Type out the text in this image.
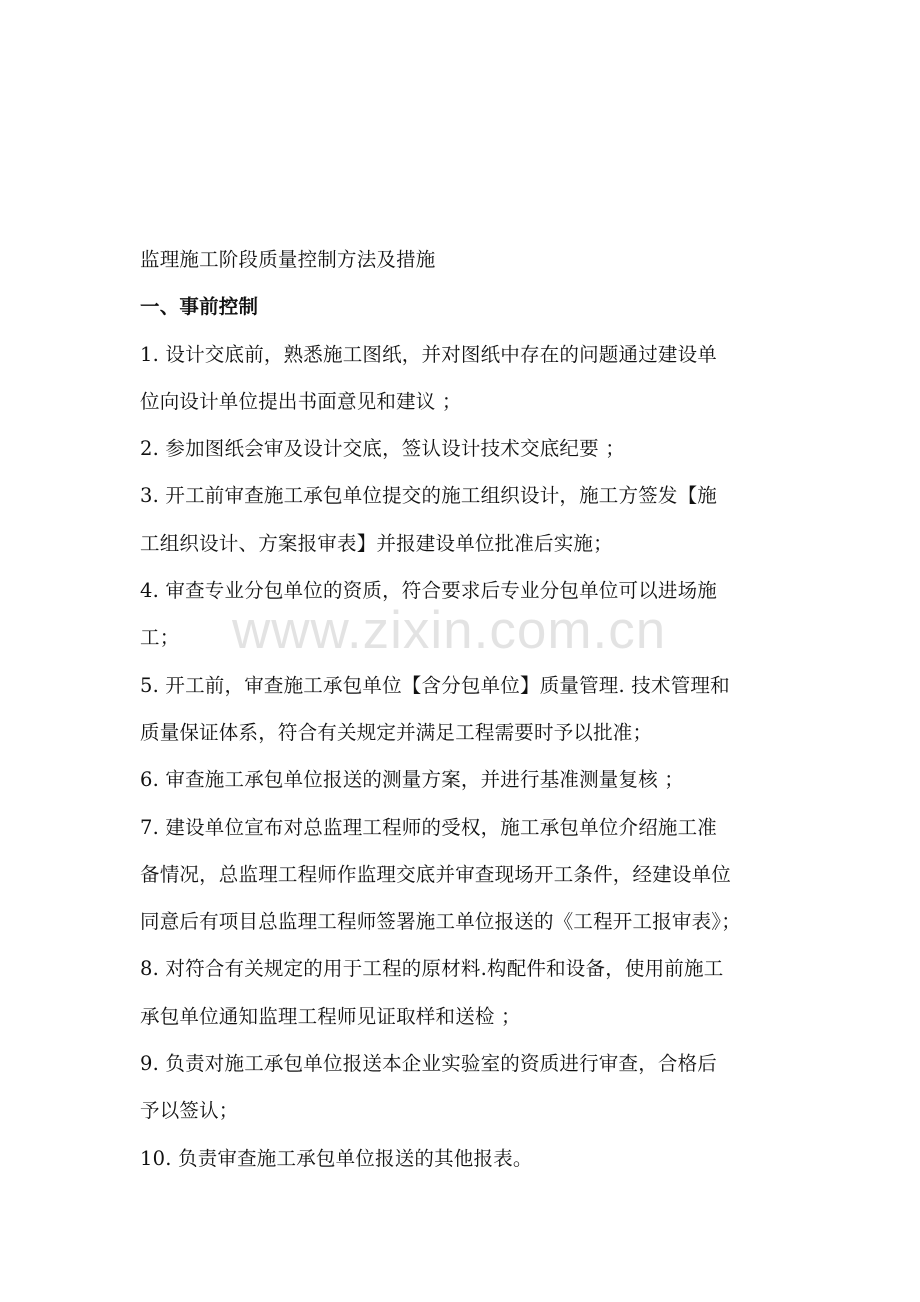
监理施工阶段质量控制方法及措施
一、事前控制
1. 设计交底前，熟悉施工图纸，并对图纸中存在的问题通过建设单
位向设计单位提出书面意见和建议 ；
2. 参加图纸会审及设计交底，签认设计技术交底纪要 ；
3. 开工前审查施工承包单位提交的施工组织设计，施工方签发【施
工组织设计、方案报审表】并报建设单位批准后实施；
4. 审查专业分包单位的资质，符合要求后专业分包单位可以进场施
工；
5. 开工前，审查施工承包单位【含分包单位】质量管理. 技术管理和
质量保证体系，符合有关规定并满足工程需要时予以批准；
6. 审查施工承包单位报送的测量方案，并进行基准测量复核 ；
7. 建设单位宣布对总监理工程师的受权，施工承包单位介绍施工准
备情况，总监理工程师作监理交底并审查现场开工条件，经建设单位
同意后有项目总监理工程师签署施工单位报送的《工程开工报审表》；
8. 对符合有关规定的用于工程的原材料.构配件和设备，使用前施工
承包单位通知监理工程师见证取样和送检 ；
9. 负责对施工承包单位报送本企业实验室的资质进行审查，合格后
予以签认；
10. 负责审查施工承包单位报送的其他报表。
www.zixin.com.cn
